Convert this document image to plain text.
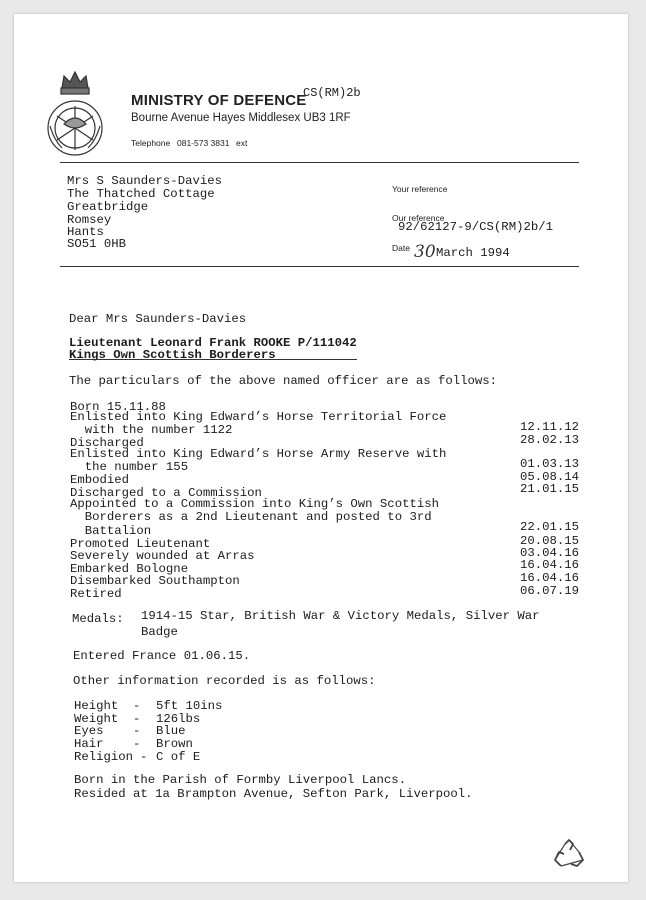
MINISTRY OF DEFENCE
CS(RM)2b
Bourne Avenue Hayes Middlesex UB3 1RF
Telephone 081-573 3831 ext
Mrs S Saunders-Davies
The Thatched Cottage
Greatbridge
Romsey
Hants
SO51 0HB
Your reference
Our reference
92/62127-9/CS(RM)2b/1
Date 30 March 1994
Dear Mrs Saunders-Davies
Lieutenant Leonard Frank ROOKE P/111042
Kings Own Scottish Borderers
The particulars of the above named officer are as follows:
Born 15.11.88
Enlisted into King Edward’s Horse Territorial Force
with the number 1122
Discharged
Enlisted into King Edward’s Horse Army Reserve with
the number 155
Embodied
Discharged to a Commission
Appointed to a Commission into King’s Own Scottish
Borderers as a 2nd Lieutenant and posted to 3rd
Battalion
Promoted Lieutenant
Severely wounded at Arras
Embarked Bologne
Disembarked Southampton
Retired
12.11.12
28.02.13
01.03.13
05.08.14
21.01.15
22.01.15
20.08.15
03.04.16
16.04.16
16.04.16
06.07.19
Medals: 1914-15 Star, British War & Victory Medals, Silver War
Badge
Entered France 01.06.15.
Other information recorded is as follows:
Height - 5ft 10ins
Weight - 126lbs
Eyes - Blue
Hair - Brown
Religion - C of E
Born in the Parish of Formby Liverpool Lancs.
Resided at 1a Brampton Avenue, Sefton Park, Liverpool.
